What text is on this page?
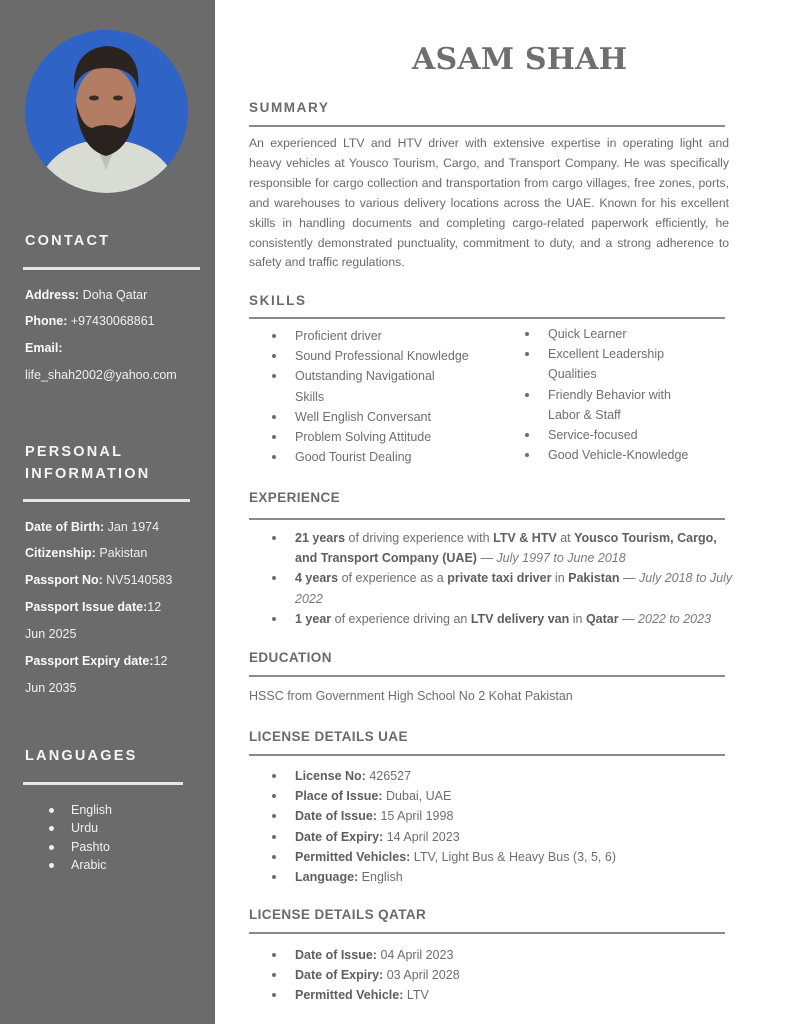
CONTACT
Address: Doha Qatar
Phone: +97430068861
Email:
life_shah2002@yahoo.com
PERSONAL
INFORMATION
Date of Birth: Jan 1974
Citizenship: Pakistan
Passport No: NV5140583
Passport Issue date:12
Jun 2025
Passport Expiry date:12
Jun 2035
LANGUAGES
English
Urdu
Pashto
Arabic
ASAM SHAH
SUMMARY

An experienced LTV and HTV driver with extensive expertise in operating light and heavy vehicles at Yousco Tourism, Cargo, and Transport Company. He was specifically responsible for cargo collection and transportation from cargo villages, free zones, ports, and warehouses to various delivery locations across the UAE. Known for his excellent skills in handling documents and completing cargo-related paperwork efficiently, he consistently demonstrated punctuality, commitment to duty, and a strong adherence to safety and traffic regulations.

SKILLS
Proficient driver
Sound Professional Knowledge
Outstanding Navigational Skills
Well English Conversant
Problem Solving Attitude
Good Tourist Dealing
Quick Learner
Excellent Leadership Qualities
Friendly Behavior with Labor & Staff
Service-focused
Good Vehicle-Knowledge
EXPERIENCE
21 years of driving experience with LTV & HTV at Yousco Tourism, Cargo, and Transport Company (UAE) — July 1997 to June 2018
4 years of experience as a private taxi driver in Pakistan — July 2018 to July 2022
1 year of experience driving an LTV delivery van in Qatar — 2022 to 2023
EDUCATION
HSSC from Government High School No 2 Kohat Pakistan
LICENSE DETAILS UAE
License No: 426527
Place of Issue: Dubai, UAE
Date of Issue: 15 April 1998
Date of Expiry: 14 April 2023
Permitted Vehicles: LTV, Light Bus & Heavy Bus (3, 5, 6)
Language: English
LICENSE DETAILS QATAR
Date of Issue: 04 April 2023
Date of Expiry: 03 April 2028
Permitted Vehicle: LTV
